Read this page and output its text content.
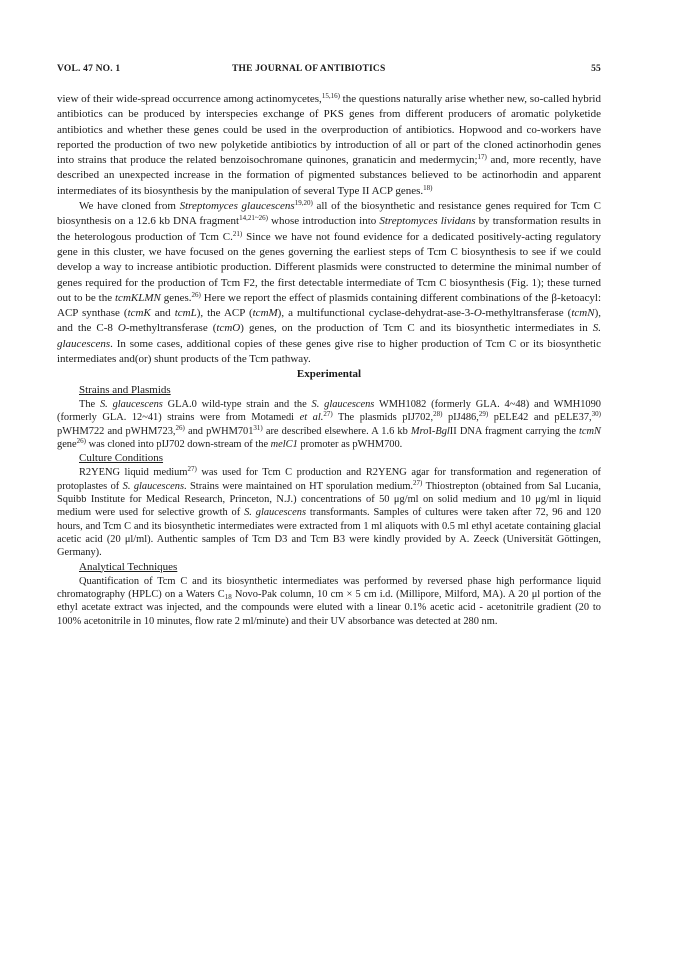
VOL. 47 NO. 1	THE JOURNAL OF ANTIBIOTICS	55

view of their wide-spread occurrence among actinomycetes,$^{15,16)}$ the questions naturally arise whether new, so-called hybrid antibiotics can be produced by interspecies exchange of PKS genes from different producers of aromatic polyketide antibiotics and whether these genes could be used in the overproduction of antibiotics. Hopwood and co-workers have reported the production of two new polyketide antibiotics by introduction of all or part of the cloned actinorhodin genes into strains that produce the related benzoisochromane quinones, granaticin and medermycin;$^{17)}$ and, more recently, have described an unexpected increase in the formation of pigmented substances believed to be actinorhodin and apparent intermediates of its biosynthesis by the manipulation of several Type II ACP genes.$^{18)}$

We have cloned from Streptomyces glaucescens$^{19,20)}$ all of the biosynthetic and resistance genes required for Tcm C biosynthesis on a 12.6 kb DNA fragment$^{14,21\sim 26)}$ whose introduction into Streptomyces lividans by transformation results in the heterologous production of Tcm C.$^{21)}$ Since we have not found evidence for a dedicated positively-acting regulatory gene in this cluster, we have focused on the genes governing the earliest steps of Tcm C biosynthesis to see if we could develop a way to increase antibiotic production. Different plasmids were constructed to determine the minimal number of genes required for the production of Tcm F2, the first detectable intermediate of Tcm C biosynthesis (Fig. 1); these turned out to be the tcmKLMN genes.$^{26)}$ Here we report the effect of plasmids containing different combinations of the β-ketoacyl: ACP synthase (tcmK and tcmL), the ACP (tcmM), a multifunctional cyclase-dehydrat-ase-3-O-methyltransferase (tcmN), and the C-8 O-methyltransferase (tcmO) genes, on the production of Tcm C and its biosynthetic intermediates in S. glaucescens. In some cases, additional copies of these genes give rise to higher production of Tcm C or its biosynthetic intermediates and(or) shunt products of the Tcm pathway.

Experimental

Strains and Plasmids

The S. glaucescens GLA.0 wild-type strain and the S. glaucescens WMH1082 (formerly GLA. 4~48) and WMH1090 (formerly GLA. 12~41) strains were from Motamedi et al.$^{27)}$ The plasmids pIJ702,$^{28)}$ pIJ486,$^{29)}$ pELE42 and pELE37,$^{30)}$ pWHM722 and pWHM723,$^{26)}$ and pWHM701$^{31)}$ are described elsewhere. A 1.6 kb MroI-BglII DNA fragment carrying the tcmN gene$^{26)}$ was cloned into pIJ702 down-stream of the melC1 promoter as pWHM700.

Culture Conditions

R2YENG liquid medium$^{27)}$ was used for Tcm C production and R2YENG agar for transformation and regeneration of protoplastes of S. glaucescens. Strains were maintained on HT sporulation medium.$^{27)}$ Thiostrepton (obtained from Sal Lucania, Squibb Institute for Medical Research, Princeton, N.J.) concentrations of 50 μg/ml on solid medium and 10 μg/ml in liquid medium were used for selective growth of S. glaucescens transformants. Samples of cultures were taken after 72, 96 and 120 hours, and Tcm C and its biosynthetic intermediates were extracted from 1 ml aliquots with 0.5 ml ethyl acetate containing glacial acetic acid (20 μl/ml). Authentic samples of Tcm D3 and Tcm B3 were kindly provided by A. Zeeck (Universität Göttingen, Germany).

Analytical Techniques

Quantification of Tcm C and its biosynthetic intermediates was performed by reversed phase high performance liquid chromatography (HPLC) on a Waters $C_{18}$ Novo-Pak column, 10 cm × 5 cm i.d. (Millipore, Milford, MA). A 20 μl portion of the ethyl acetate extract was injected, and the compounds were eluted with a linear 0.1% acetic acid - acetonitrile gradient (20 to 100% acetonitrile in 10 minutes, flow rate 2 ml/minute) and their UV absorbance was detected at 280 nm.
